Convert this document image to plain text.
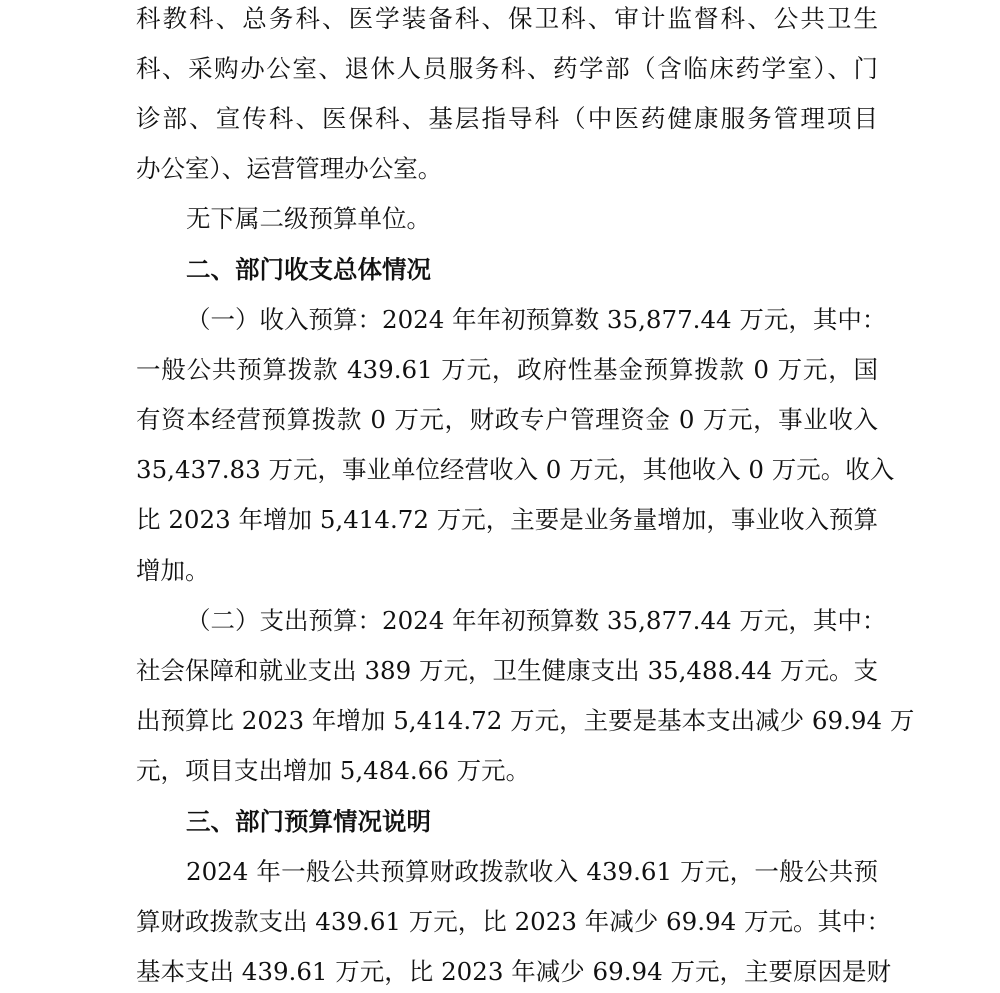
科教科、总务科、医学装备科、保卫科、审计监督科、公共卫生
科、采购办公室、退休人员服务科、药学部（含临床药学室）、门
诊部、宣传科、医保科、基层指导科（中医药健康服务管理项目
办公室）、运营管理办公室。
无下属二级预算单位。
二、部门收支总体情况
（一）收入预算：2024 年年初预算数 35,877.44 万元，其中：
一般公共预算拨款 439.61 万元，政府性基金预算拨款 0 万元，国
有资本经营预算拨款 0 万元，财政专户管理资金 0 万元，事业收入
35,437.83 万元，事业单位经营收入 0 万元，其他收入 0 万元。收入
比 2023 年增加 5,414.72 万元，主要是业务量增加，事业收入预算
增加。
（二）支出预算：2024 年年初预算数 35,877.44 万元，其中：
社会保障和就业支出 389 万元，卫生健康支出 35,488.44 万元。支
出预算比 2023 年增加 5,414.72 万元，主要是基本支出减少 69.94 万
元，项目支出增加 5,484.66 万元。
三、部门预算情况说明
2024 年一般公共预算财政拨款收入 439.61 万元，一般公共预
算财政拨款支出 439.61 万元，比 2023 年减少 69.94 万元。其中：
基本支出 439.61 万元，比 2023 年减少 69.94 万元，主要原因是财
